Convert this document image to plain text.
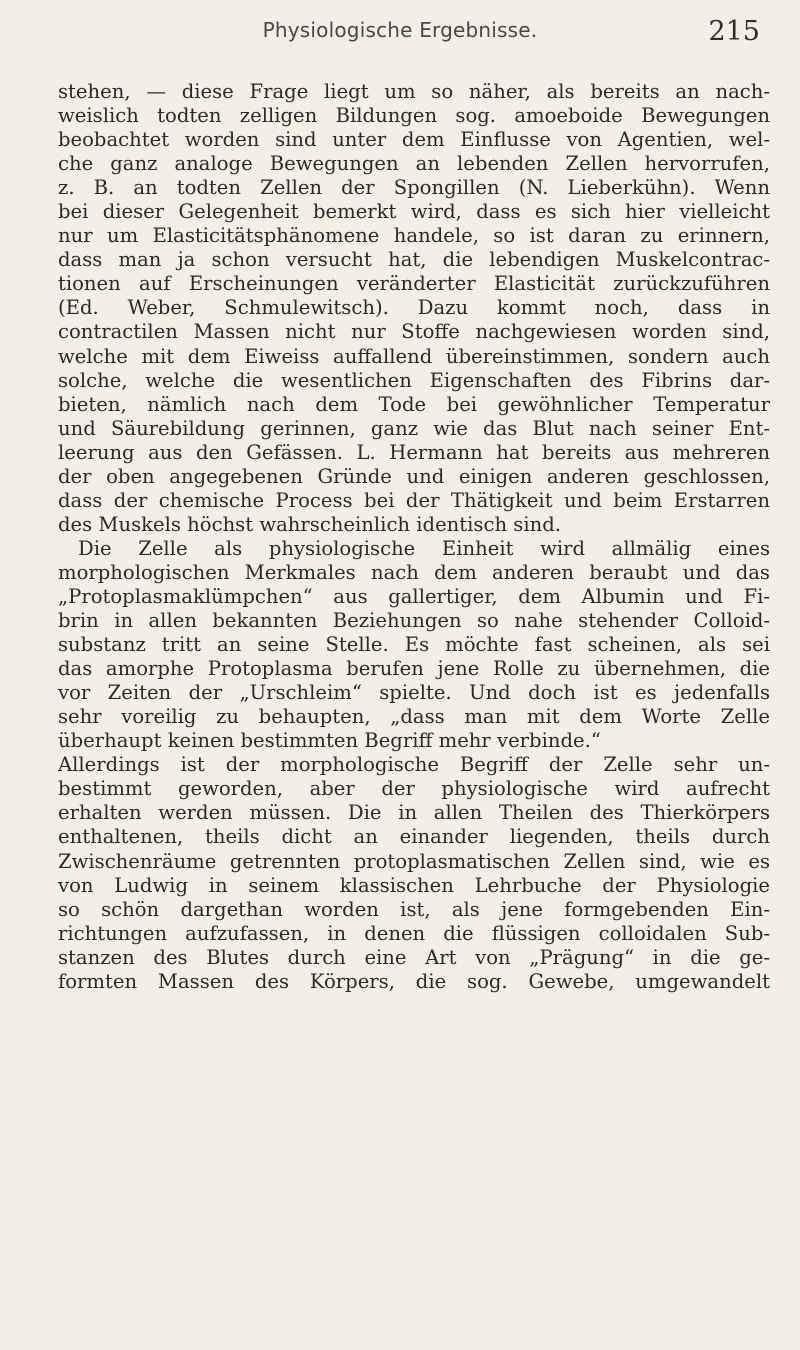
Physiologische Ergebnisse.	215
stehen, — diese Frage liegt um so näher, als bereits an nach-
weislich todten zelligen Bildungen sog. amoeboide Bewegungen
beobachtet worden sind unter dem Einflusse von Agentien, wel-
che ganz analoge Bewegungen an lebenden Zellen hervorrufen,
z. B. an todten Zellen der Spongillen (N. Lieberkühn). Wenn
bei dieser Gelegenheit bemerkt wird, dass es sich hier vielleicht
nur um Elasticitätsphänomene handele, so ist daran zu erinnern,
dass man ja schon versucht hat, die lebendigen Muskelcontrac-
tionen auf Erscheinungen veränderter Elasticität zurückzuführen
(Ed. Weber, Schmulewitsch). Dazu kommt noch, dass in
contractilen Massen nicht nur Stoffe nachgewiesen worden sind,
welche mit dem Eiweiss auffallend übereinstimmen, sondern auch
solche, welche die wesentlichen Eigenschaften des Fibrins dar-
bieten, nämlich nach dem Tode bei gewöhnlicher Temperatur
und Säurebildung gerinnen, ganz wie das Blut nach seiner Ent-
leerung aus den Gefässen. L. Hermann hat bereits aus mehreren
der oben angegebenen Gründe und einigen anderen geschlossen,
dass der chemische Process bei der Thätigkeit und beim Erstarren
des Muskels höchst wahrscheinlich identisch sind.
Die Zelle als physiologische Einheit wird allmälig eines
morphologischen Merkmales nach dem anderen beraubt und das
„Protoplasmaklümpchen“ aus gallertiger, dem Albumin und Fi-
brin in allen bekannten Beziehungen so nahe stehender Colloid-
substanz tritt an seine Stelle. Es möchte fast scheinen, als sei
das amorphe Protoplasma berufen jene Rolle zu übernehmen, die
vor Zeiten der „Urschleim“ spielte. Und doch ist es jedenfalls
sehr voreilig zu behaupten, „dass man mit dem Worte Zelle
überhaupt keinen bestimmten Begriff mehr verbinde.“
Allerdings ist der morphologische Begriff der Zelle sehr un-
bestimmt geworden, aber der physiologische wird aufrecht
erhalten werden müssen. Die in allen Theilen des Thierkörpers
enthaltenen, theils dicht an einander liegenden, theils durch
Zwischenräume getrennten protoplasmatischen Zellen sind, wie es
von Ludwig in seinem klassischen Lehrbuche der Physiologie
so schön dargethan worden ist, als jene formgebenden Ein-
richtungen aufzufassen, in denen die flüssigen colloidalen Sub-
stanzen des Blutes durch eine Art von „Prägung“ in die ge-
formten Massen des Körpers, die sog. Gewebe, umgewandelt
